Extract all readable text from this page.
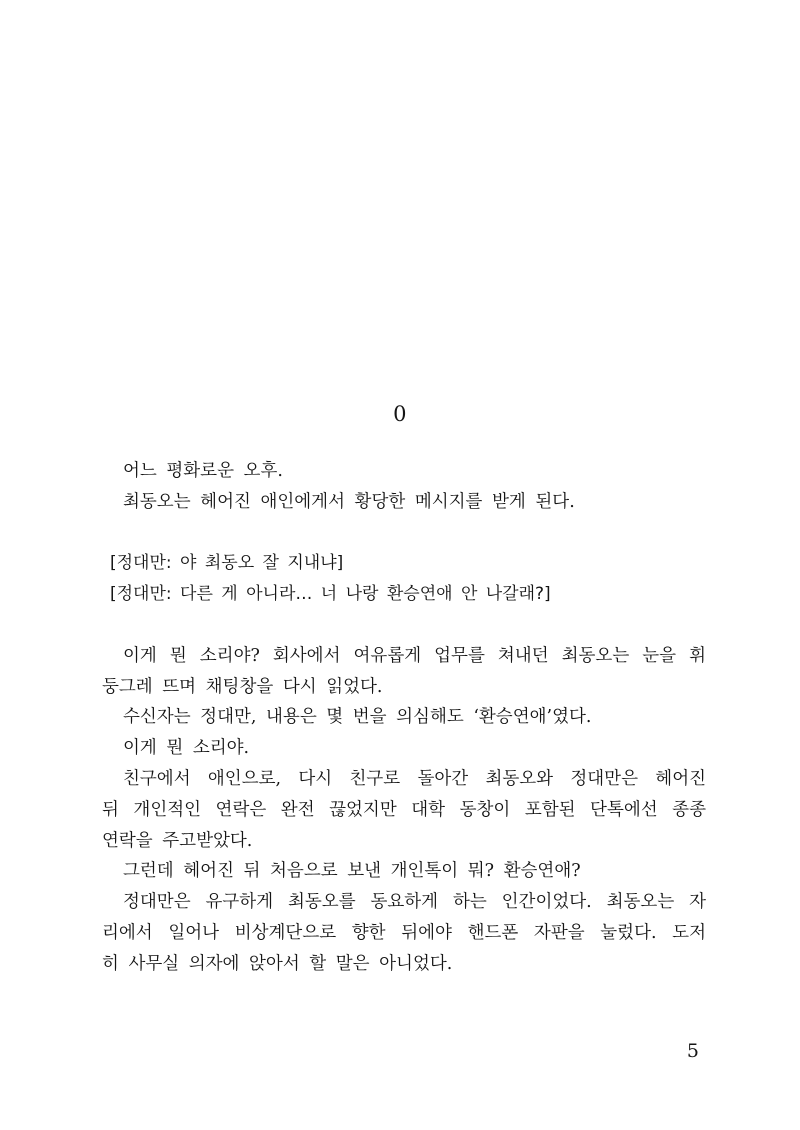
0
어느 평화로운 오후.
최동오는 헤어진 애인에게서 황당한 메시지를 받게 된다.
[정대만: 야 최동오 잘 지내냐]
[정대만: 다른 게 아니라… 너 나랑 환승연애 안 나갈래?]
이게 뭔 소리야? 회사에서 여유롭게 업무를 쳐내던 최동오는 눈을 휘
둥그레 뜨며 채팅창을 다시 읽었다.
수신자는 정대만, 내용은 몇 번을 의심해도 ‘환승연애’였다.
이게 뭔 소리야.
친구에서 애인으로, 다시 친구로 돌아간 최동오와 정대만은 헤어진
뒤 개인적인 연락은 완전 끊었지만 대학 동창이 포함된 단톡에선 종종
연락을 주고받았다.
그런데 헤어진 뒤 처음으로 보낸 개인톡이 뭐? 환승연애?
정대만은 유구하게 최동오를 동요하게 하는 인간이었다. 최동오는 자
리에서 일어나 비상계단으로 향한 뒤에야 핸드폰 자판을 눌렀다. 도저
히 사무실 의자에 앉아서 할 말은 아니었다.
5
